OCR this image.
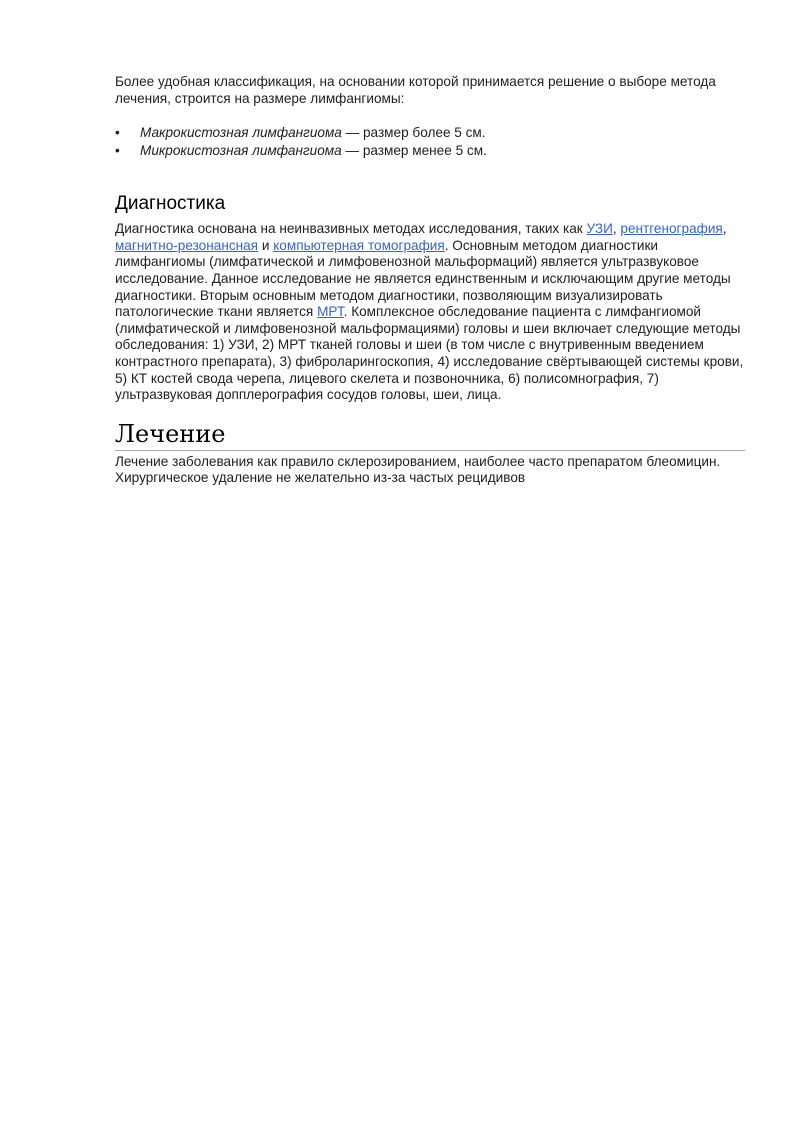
Более удобная классификация, на основании которой принимается решение о выборе метода лечения, строится на размере лимфангиомы:

• Макрокистозная лимфангиома — размер более 5 см.
• Микрокистозная лимфангиома — размер менее 5 см.
Диагностика

Диагностика основана на неинвазивных методах исследования, таких как УЗИ, рентгенография, магнитно-резонансная и компьютерная томография. Основным методом диагностики лимфангиомы (лимфатической и лимфовенозной мальформаций) является ультразвуковое исследование. Данное исследование не является единственным и исключающим другие методы диагностики. Вторым основным методом диагностики, позволяющим визуализировать патологические ткани является МРТ. Комплексное обследование пациента с лимфангиомой (лимфатической и лимфовенозной мальформациями) головы и шеи включает следующие методы обследования: 1) УЗИ, 2) МРТ тканей головы и шеи (в том числе с внутривенным введением контрастного препарата), 3) фиброларингоскопия, 4) исследование свёртывающей системы крови, 5) КТ костей свода черепа, лицевого скелета и позвоночника, 6) полисомнография, 7) ультразвуковая допплерография сосудов головы, шеи, лица.

Лечение

Лечение заболевания как правило склерозированием, наиболее часто препаратом блеомицин. Хирургическое удаление не желательно из-за частых рецидивов
